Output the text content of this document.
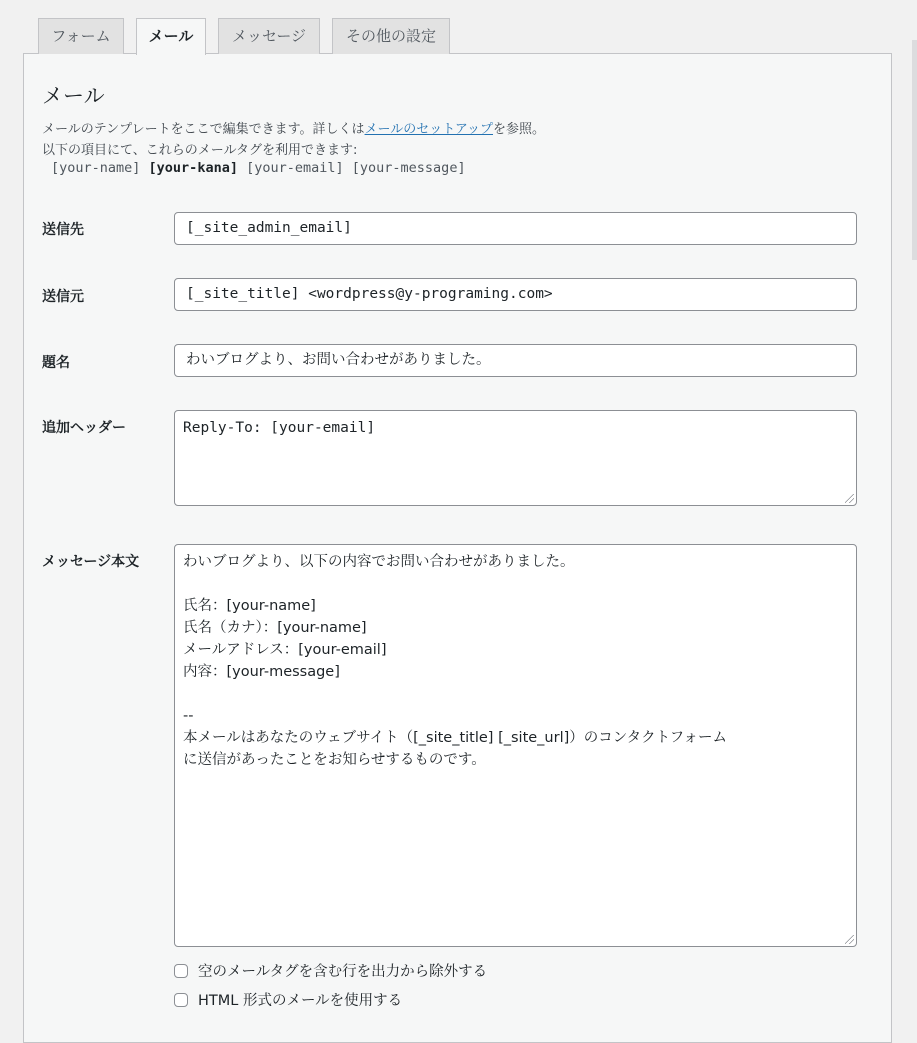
フォーム	メール	メッセージ	その他の設定
メール

メールのテンプレートをここで編集できます。詳しくはメールのセットアップを参照。

以下の項目にて、これらのメールタグを利用できます:

[your-name] [your-kana] [your-email] [your-message]
送信先	[_site_admin_email]
送信元	[_site_title] <wordpress@y-programing.com>
題名	わいブログより、お問い合わせがありました。
追加ヘッダー	Reply-To: [your-email]
メッセージ本文	わいブログより、以下の内容でお問い合わせがありました。

氏名：[your-name]
氏名（カナ）：[your-name]
メールアドレス：[your-email]
内容：[your-message]

--
本メールはあなたのウェブサイト（[_site_title] [_site_url]）のコンタクトフォーム
に送信があったことをお知らせするものです。
空のメールタグを含む行を出力から除外する
HTML 形式のメールを使用する
